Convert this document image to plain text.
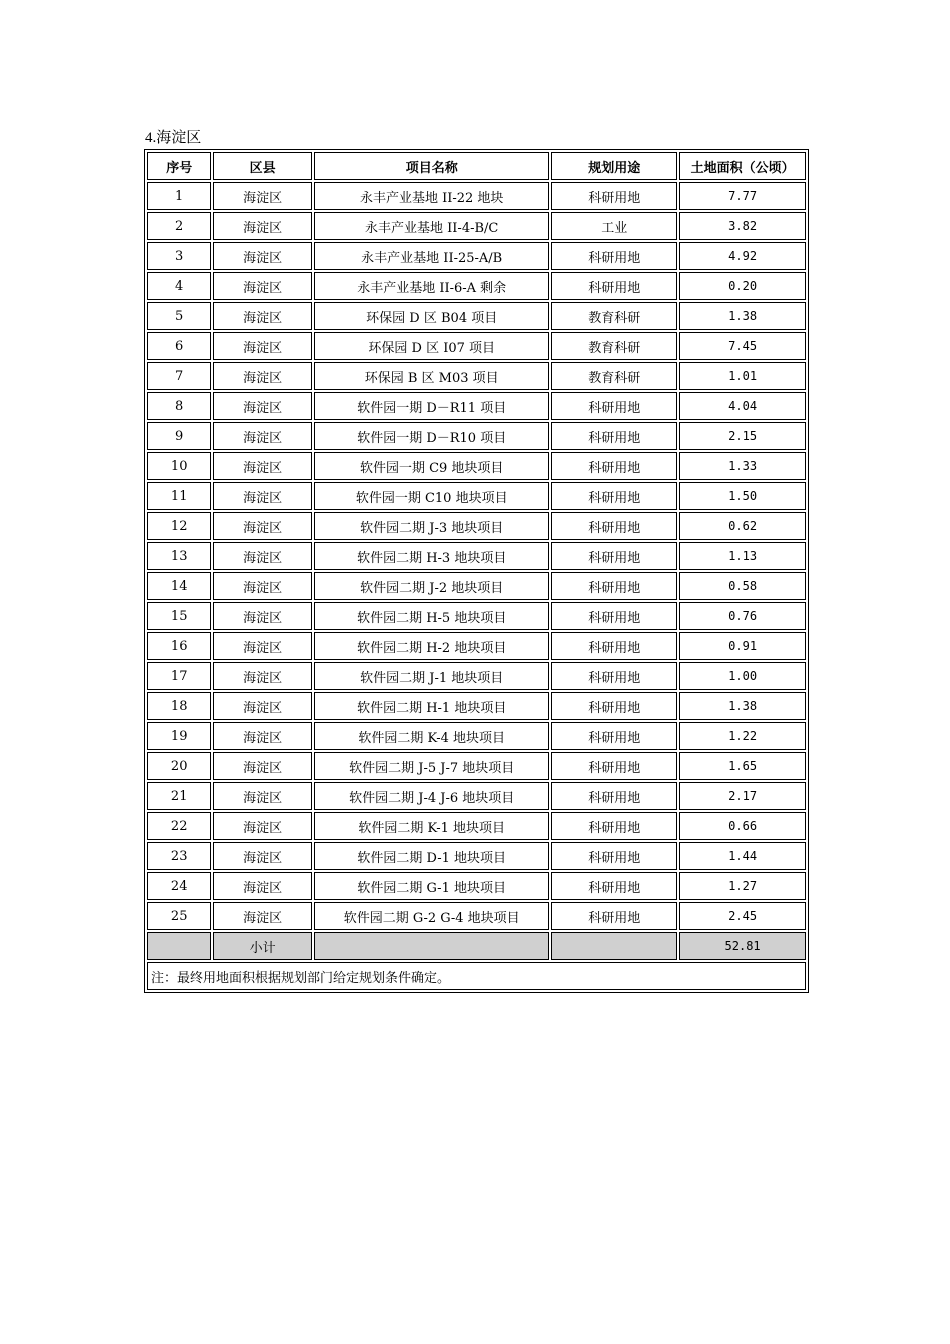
4.海淀区
序号	区县	项目名称	规划用途	土地面积（公顷）
1	海淀区	永丰产业基地 II-22 地块	科研用地	7.77
2	海淀区	永丰产业基地 II-4-B/C	工业	3.82
3	海淀区	永丰产业基地 II-25-A/B	科研用地	4.92
4	海淀区	永丰产业基地 II-6-A 剩余	科研用地	0.20
5	海淀区	环保园 D 区 B04 项目	教育科研	1.38
6	海淀区	环保园 D 区 I07 项目	教育科研	7.45
7	海淀区	环保园 B 区 M03 项目	教育科研	1.01
8	海淀区	软件园一期 D－R11 项目	科研用地	4.04
9	海淀区	软件园一期 D－R10 项目	科研用地	2.15
10	海淀区	软件园一期 C9 地块项目	科研用地	1.33
11	海淀区	软件园一期 C10 地块项目	科研用地	1.50
12	海淀区	软件园二期 J-3 地块项目	科研用地	0.62
13	海淀区	软件园二期 H-3 地块项目	科研用地	1.13
14	海淀区	软件园二期 J-2 地块项目	科研用地	0.58
15	海淀区	软件园二期 H-5 地块项目	科研用地	0.76
16	海淀区	软件园二期 H-2 地块项目	科研用地	0.91
17	海淀区	软件园二期 J-1 地块项目	科研用地	1.00
18	海淀区	软件园二期 H-1 地块项目	科研用地	1.38
19	海淀区	软件园二期 K-4 地块项目	科研用地	1.22
20	海淀区	软件园二期 J-5 J-7 地块项目	科研用地	1.65
21	海淀区	软件园二期 J-4 J-6 地块项目	科研用地	2.17
22	海淀区	软件园二期 K-1 地块项目	科研用地	0.66
23	海淀区	软件园二期 D-1 地块项目	科研用地	1.44
24	海淀区	软件园二期 G-1 地块项目	科研用地	1.27
25	海淀区	软件园二期 G-2 G-4 地块项目	科研用地	2.45
	小计			52.81
注：最终用地面积根据规划部门给定规划条件确定。				
